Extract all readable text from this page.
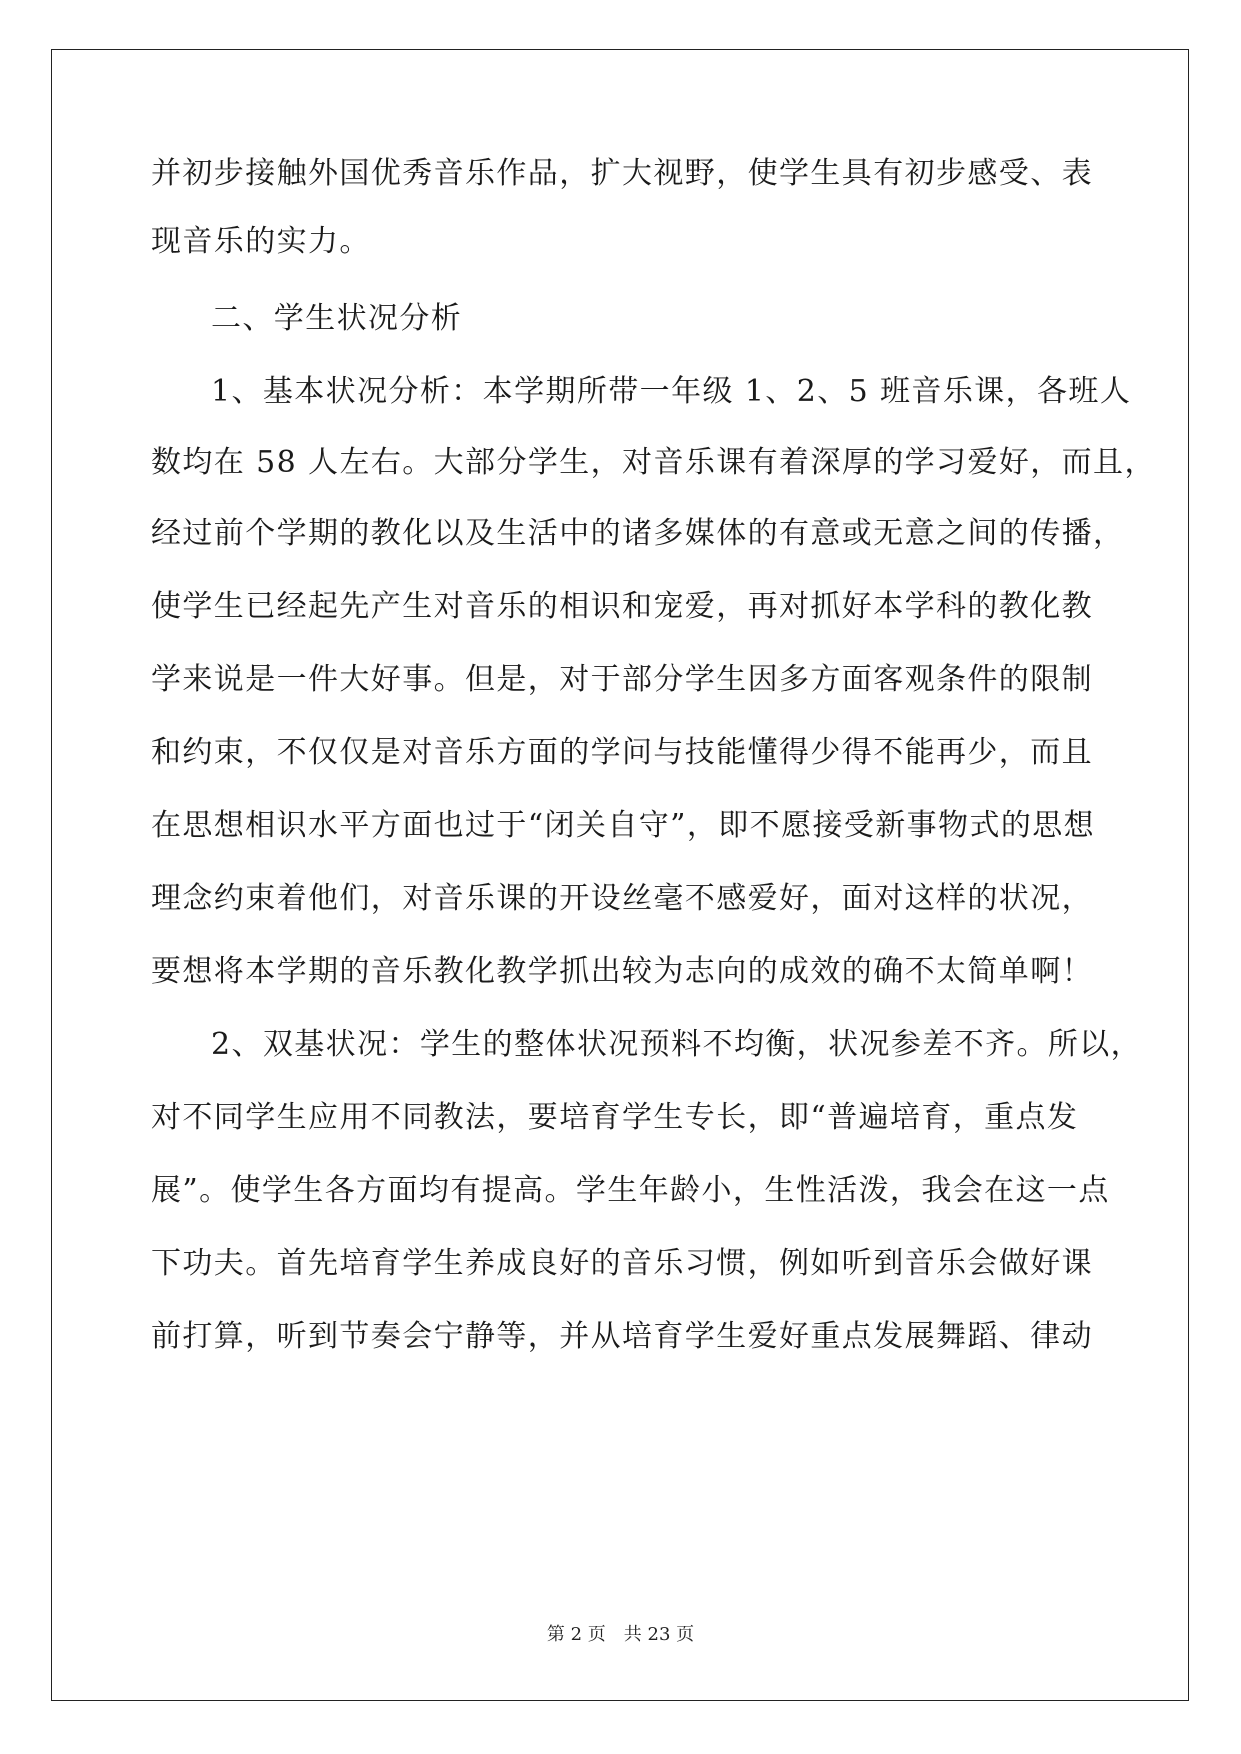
并初步接触外国优秀音乐作品，扩大视野，使学生具有初步感受、表
现音乐的实力。
二、学生状况分析
1、基本状况分析：本学期所带一年级 1、2、5 班音乐课，各班人
数均在 58 人左右。大部分学生，对音乐课有着深厚的学习爱好，而且，
经过前个学期的教化以及生活中的诸多媒体的有意或无意之间的传播，
使学生已经起先产生对音乐的相识和宠爱，再对抓好本学科的教化教
学来说是一件大好事。但是，对于部分学生因多方面客观条件的限制
和约束，不仅仅是对音乐方面的学问与技能懂得少得不能再少，而且
在思想相识水平方面也过于“闭关自守”，即不愿接受新事物式的思想
理念约束着他们，对音乐课的开设丝毫不感爱好，面对这样的状况，
要想将本学期的音乐教化教学抓出较为志向的成效的确不太简单啊！
2、双基状况：学生的整体状况预料不均衡，状况参差不齐。所以，
对不同学生应用不同教法，要培育学生专长，即“普遍培育，重点发
展”。使学生各方面均有提高。学生年龄小，生性活泼，我会在这一点
下功夫。首先培育学生养成良好的音乐习惯，例如听到音乐会做好课
前打算，听到节奏会宁静等，并从培育学生爱好重点发展舞蹈、律动
第 2 页 共 23 页
